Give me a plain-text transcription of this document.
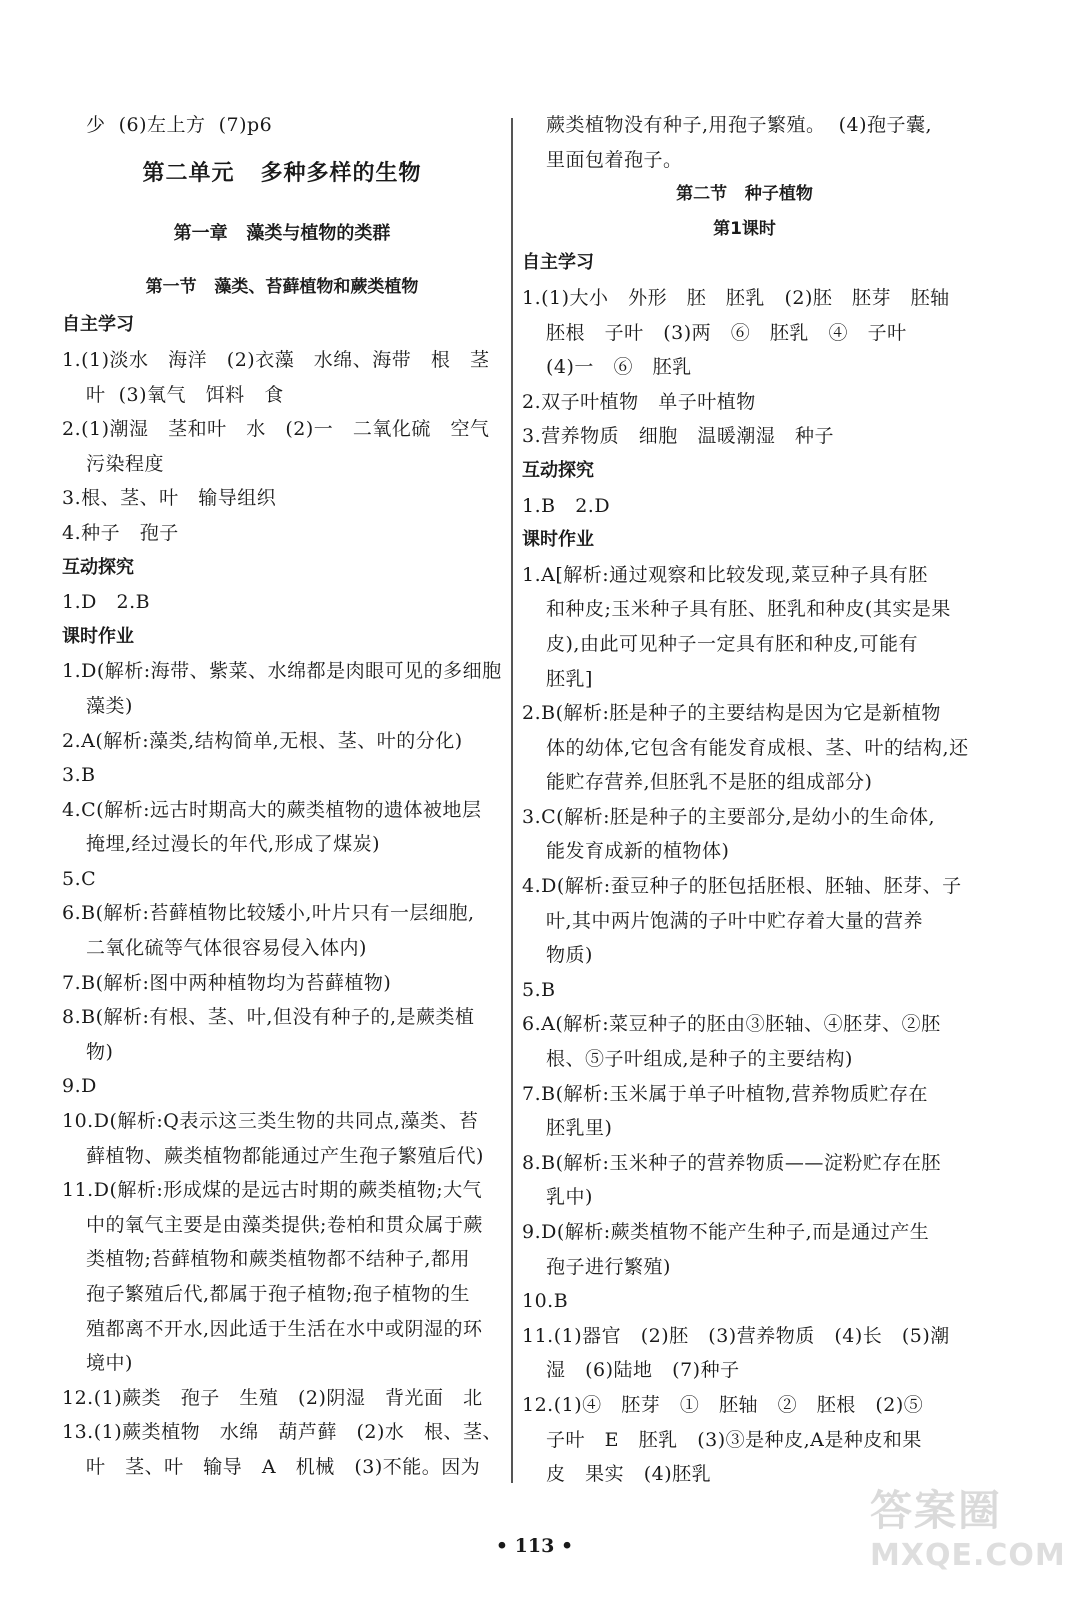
少  (6)左上方  (7)p6
第二单元   多种多样的生物
第一章   藻类与植物的类群
第一节   藻类、苔藓植物和蕨类植物
自主学习
1.(1)淡水   海洋   (2)衣藻   水绵、海带   根   茎
叶  (3)氧气   饵料   食
2.(1)潮湿   茎和叶   水   (2)一   二氧化硫   空气
污染程度
3.根、茎、叶   输导组织
4.种子   孢子
互动探究
1.D   2.B
课时作业
1.D(解析:海带、紫菜、水绵都是肉眼可见的多细胞
藻类)
2.A(解析:藻类,结构简单,无根、茎、叶的分化)
3.B
4.C(解析:远古时期高大的蕨类植物的遗体被地层
掩埋,经过漫长的年代,形成了煤炭)
5.C
6.B(解析:苔藓植物比较矮小,叶片只有一层细胞,
二氧化硫等气体很容易侵入体内)
7.B(解析:图中两种植物均为苔藓植物)
8.B(解析:有根、茎、叶,但没有种子的,是蕨类植
物)
9.D
10.D(解析:Q表示这三类生物的共同点,藻类、苔
藓植物、蕨类植物都能通过产生孢子繁殖后代)
11.D(解析:形成煤的是远古时期的蕨类植物;大气
中的氧气主要是由藻类提供;卷柏和贯众属于蕨
类植物;苔藓植物和蕨类植物都不结种子,都用
孢子繁殖后代,都属于孢子植物;孢子植物的生
殖都离不开水,因此适于生活在水中或阴湿的环
境中)
12.(1)蕨类   孢子   生殖   (2)阴湿   背光面   北
13.(1)蕨类植物   水绵   葫芦藓   (2)水   根、茎、
叶   茎、叶   输导   A   机械   (3)不能。因为
蕨类植物没有种子,用孢子繁殖。  (4)孢子囊,
里面包着孢子。
第二节   种子植物
第1课时
自主学习
1.(1)大小   外形   胚   胚乳   (2)胚   胚芽   胚轴
胚根   子叶   (3)两   ⑥   胚乳   ④   子叶
(4)一   ⑥   胚乳
2.双子叶植物   单子叶植物
3.营养物质   细胞   温暖潮湿   种子
互动探究
1.B   2.D
课时作业
1.A[解析:通过观察和比较发现,菜豆种子具有胚
和种皮;玉米种子具有胚、胚乳和种皮(其实是果
皮),由此可见种子一定具有胚和种皮,可能有
胚乳]
2.B(解析:胚是种子的主要结构是因为它是新植物
体的幼体,它包含有能发育成根、茎、叶的结构,还
能贮存营养,但胚乳不是胚的组成部分)
3.C(解析:胚是种子的主要部分,是幼小的生命体,
能发育成新的植物体)
4.D(解析:蚕豆种子的胚包括胚根、胚轴、胚芽、子
叶,其中两片饱满的子叶中贮存着大量的营养
物质)
5.B
6.A(解析:菜豆种子的胚由③胚轴、④胚芽、②胚
根、⑤子叶组成,是种子的主要结构)
7.B(解析:玉米属于单子叶植物,营养物质贮存在
胚乳里)
8.B(解析:玉米种子的营养物质——淀粉贮存在胚
乳中)
9.D(解析:蕨类植物不能产生种子,而是通过产生
孢子进行繁殖)
10.B
11.(1)器官   (2)胚   (3)营养物质   (4)长   (5)潮
湿   (6)陆地   (7)种子
12.(1)④   胚芽   ①   胚轴   ②   胚根   (2)⑤
子叶   E   胚乳   (3)③是种皮,A是种皮和果
皮   果实   (4)胚乳
• 113 •
答案圈
MXQE.COM
